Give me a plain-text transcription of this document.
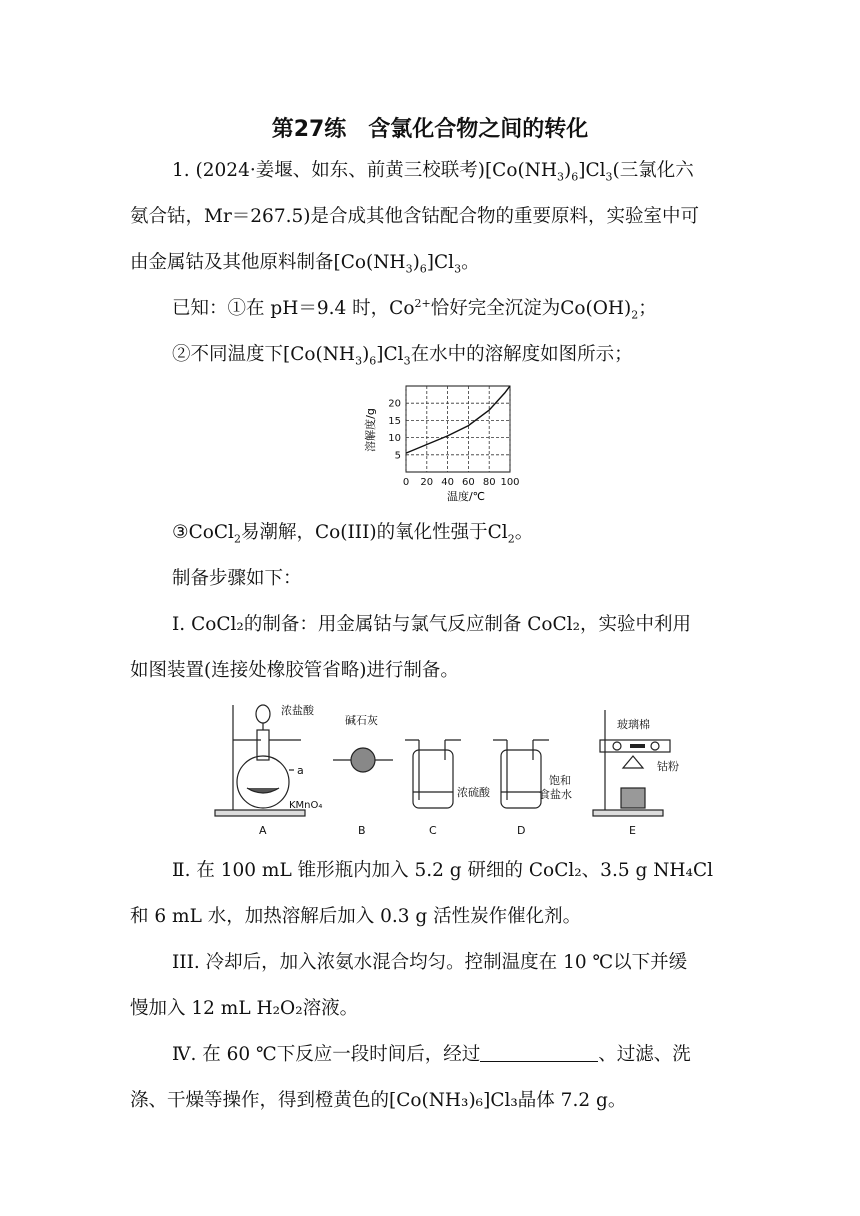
第27练　含氯化合物之间的转化

1. (2024·姜堰、如东、前黄三校联考)$[Co(NH_3)_6]Cl_3$(三氯化六

氨合钴，Mr＝267.5)是合成其他含钴配合物的重要原料，实验室中可

由金属钴及其他原料制备$[Co(NH_3)_6]Cl_3$。

已知：①在 pH＝9.4 时，$Co^{2+}$恰好完全沉淀为$Co(OH)_2$；

②不同温度下$[Co(NH_3)_6]Cl_3$在水中的溶解度如图所示；

0 20 40 60 80 100
5
10
15
20
温度/℃
溶解度/g

③CoCl$_2$易潮解，Co(III)的氧化性强于$Cl_2$。

制备步骤如下：

Ⅰ. CoCl₂的制备：用金属钴与氯气反应制备 CoCl₂，实验中利用

如图装置(连接处橡胶管省略)进行制备。

浓盐酸
a
KMnO₄
A
碱石灰
B
浓硫酸
C
饱和
食盐水
D
玻璃棉
钴粉
E

Ⅱ. 在 100 mL 锥形瓶内加入 5.2 g 研细的 CoCl₂、3.5 g NH₄Cl

和 6 mL 水，加热溶解后加入 0.3 g 活性炭作催化剂。

III. 冷却后，加入浓氨水混合均匀。控制温度在 10 ℃以下并缓

慢加入 12 mL H₂O₂溶液。

Ⅳ. 在 60 ℃下反应一段时间后，经过	、过滤、洗

涤、干燥等操作，得到橙黄色的[Co(NH₃)₆]Cl₃晶体 7.2 g。
